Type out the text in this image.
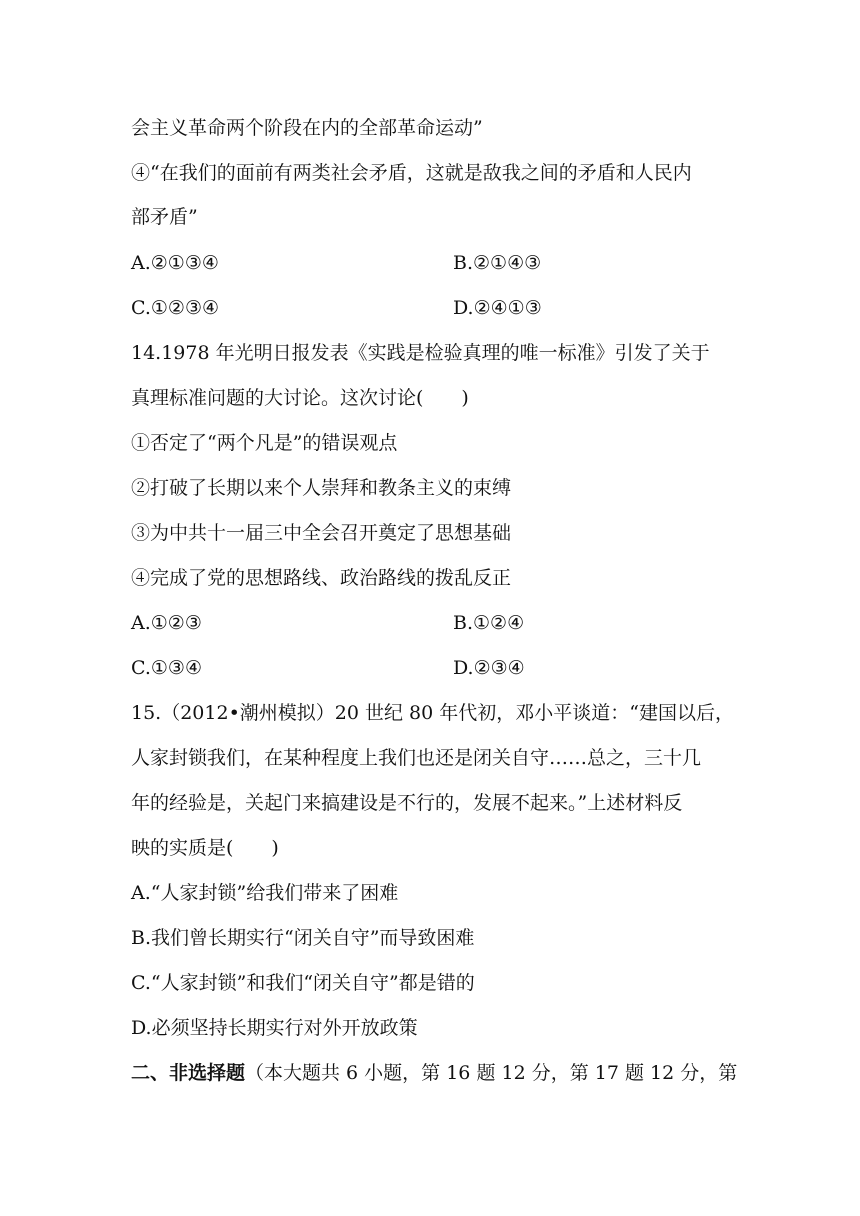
会主义革命两个阶段在内的全部革命运动”
④“在我们的面前有两类社会矛盾，这就是敌我之间的矛盾和人民内
部矛盾”
A.②①③④	B.②①④③
C.①②③④	D.②④①③
14.1978 年光明日报发表《实践是检验真理的唯一标准》引发了关于
真理标准问题的大讨论。这次讨论(　　)
①否定了“两个凡是”的错误观点
②打破了长期以来个人崇拜和教条主义的束缚
③为中共十一届三中全会召开奠定了思想基础
④完成了党的思想路线、政治路线的拨乱反正
A.①②③	B.①②④
C.①③④	D.②③④
15.（2012•潮州模拟）20 世纪 80 年代初，邓小平谈道：“建国以后，
人家封锁我们，在某种程度上我们也还是闭关自守……总之，三十几
年的经验是，关起门来搞建设是不行的，发展不起来。”上述材料反
映的实质是(　　)
A.“人家封锁”给我们带来了困难
B.我们曾长期实行“闭关自守”而导致困难
C.“人家封锁”和我们“闭关自守”都是错的
D.必须坚持长期实行对外开放政策
二、非选择题（本大题共 6 小题，第 16 题 12 分，第 17 题 12 分，第
